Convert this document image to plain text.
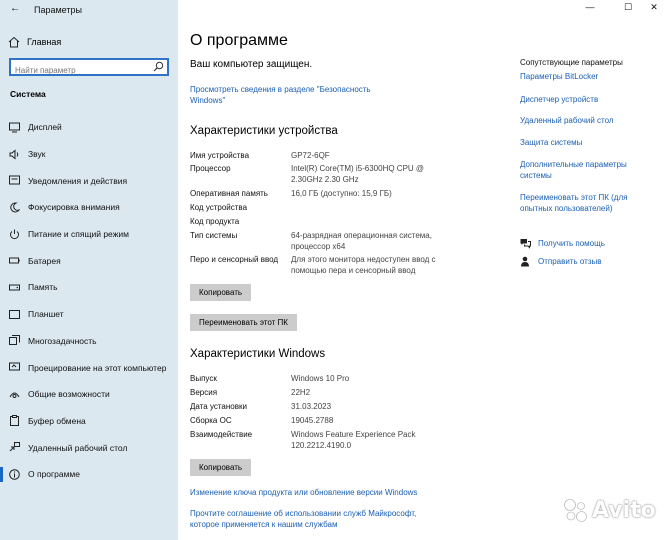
← Параметры
Главная
Найти параметр
Система
Дисплей
Звук
Уведомления и действия
Фокусировка внимания
Питание и спящий режим
Батарея
Память
Планшет
Многозадачность
Проецирование на этот компьютер
Общие возможности
Буфер обмена
Удаленный рабочий стол
О программе
—	☐	✕
О программе
Ваш компьютер защищен.
Просмотреть сведения в разделе "Безопасность Windows"
Характеристики устройства
Имя устройства	GP72-6QF
Процессор	Intel(R) Core(TM) i5-6300HQ CPU @ 2.30GHz 2.30 GHz
Оперативная память	16,0 ГБ (доступно: 15,9 ГБ)
Код устройства
Код продукта
Тип системы	64-разрядная операционная система, процессор x64
Перо и сенсорный ввод	Для этого монитора недоступен ввод с помощью пера и сенсорный ввод
Копировать
Переименовать этот ПК
Характеристики Windows
Выпуск	Windows 10 Pro
Версия	22H2
Дата установки	31.03.2023
Сборка ОС	19045.2788
Взаимодействие	Windows Feature Experience Pack 120.2212.4190.0
Копировать
Изменение ключа продукта или обновление версии Windows
Прочтите соглашение об использовании служб Майкрософт, которое применяется к нашим службам
Сопутствующие параметры
Параметры BitLocker
Диспетчер устройств
Удаленный рабочий стол
Защита системы
Дополнительные параметры системы
Переименовать этот ПК (для опытных пользователей)
Получить помощь
Отправить отзыв
Avito
